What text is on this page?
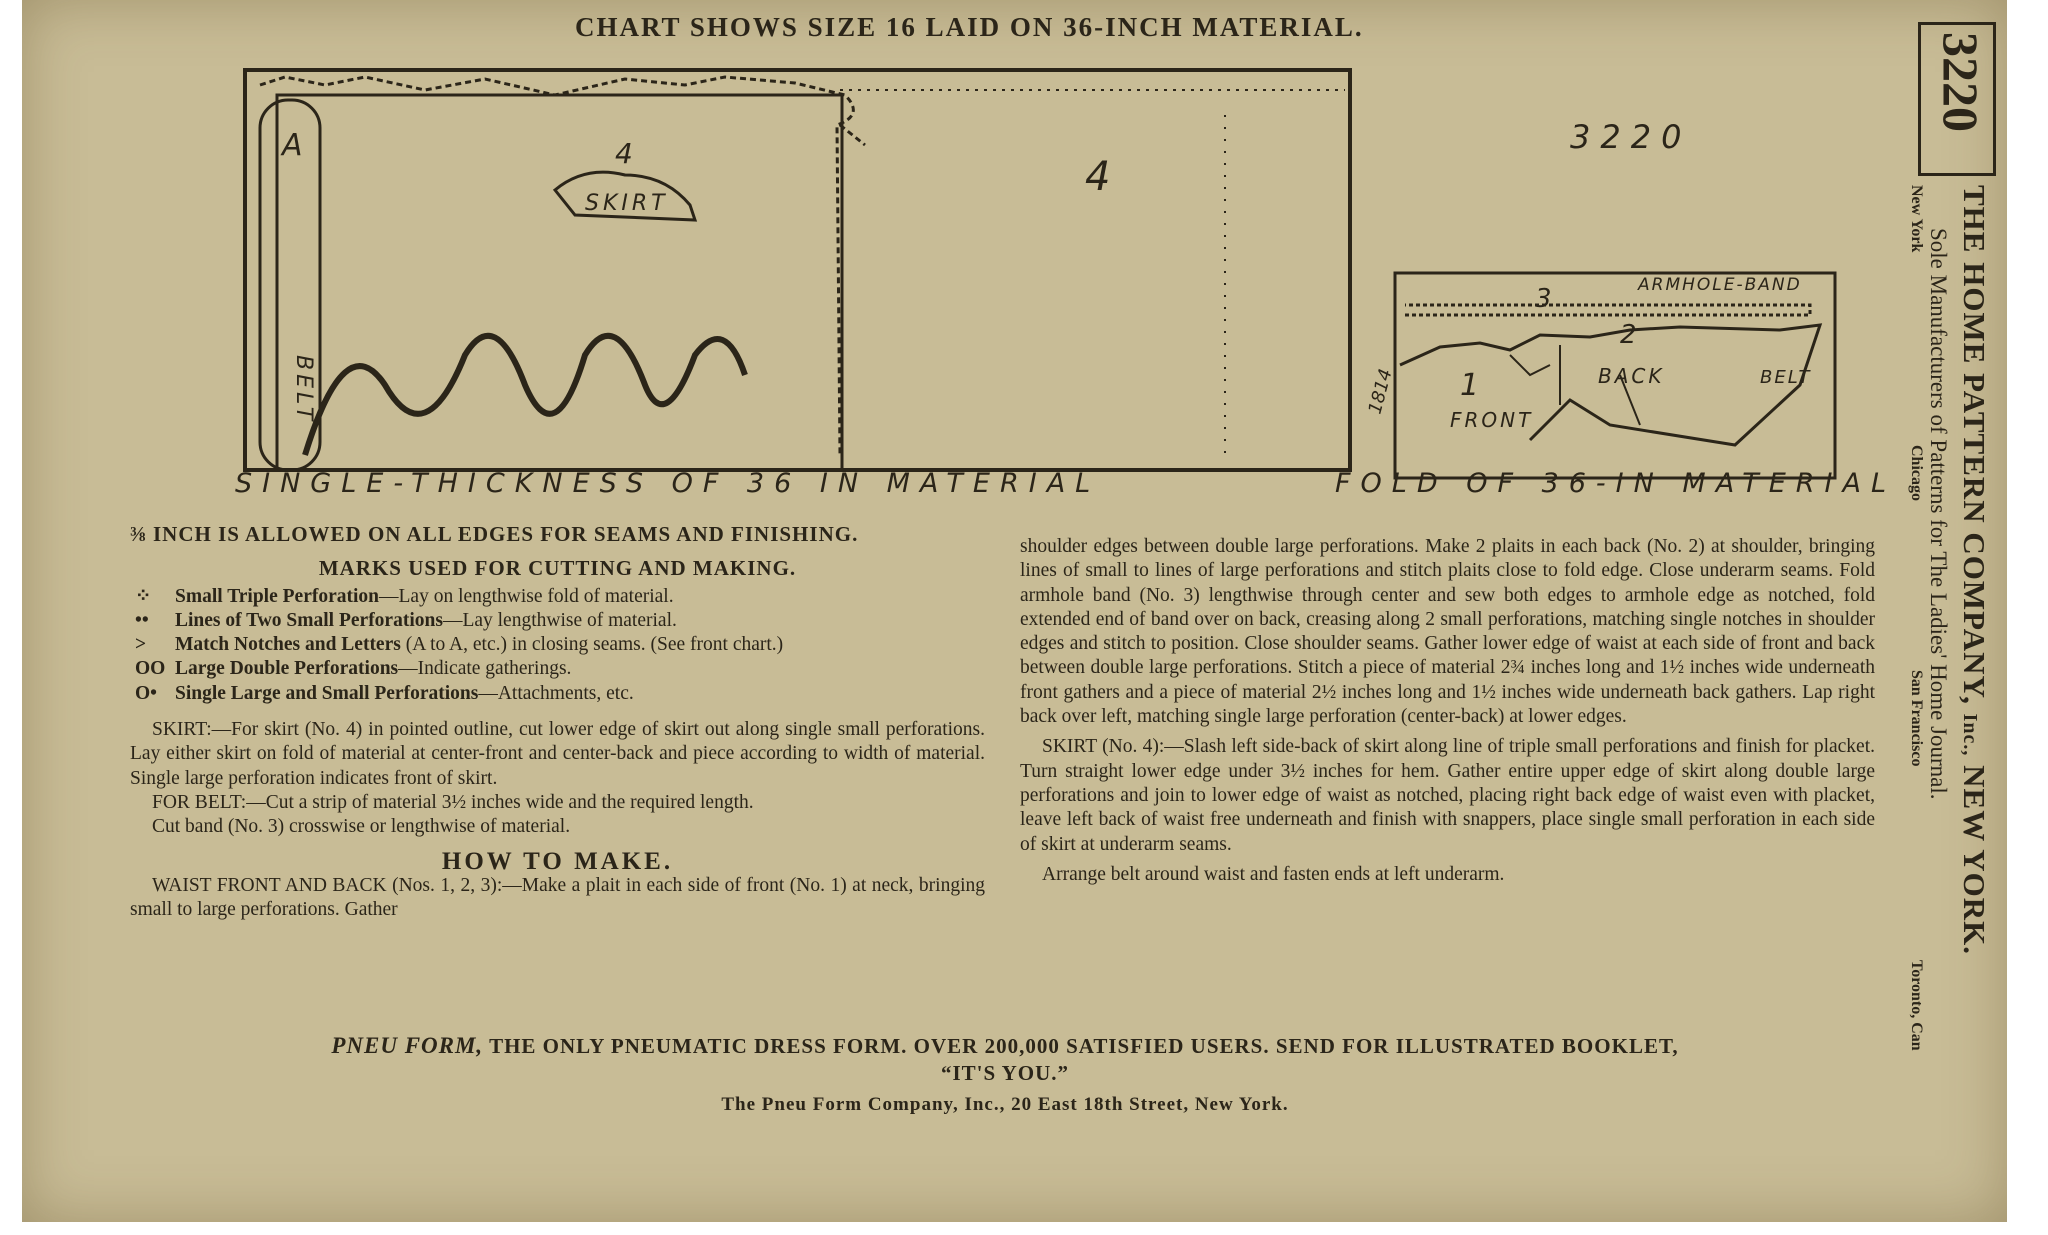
CHART SHOWS SIZE 16 LAID ON 36-INCH MATERIAL.
A	4
SKIRT
4
BELT
SINGLE-THICKNESS OF 36 IN MATERIAL
3220
3	ARMHOLE-BAND
2
BACK	BELT
1
FRONT
1814
FOLD OF 36-IN MATERIAL

⅜ INCH IS ALLOWED ON ALL EDGES FOR SEAMS AND FINISHING.

MARKS USED FOR CUTTING AND MAKING.

⁘ Small Triple Perforation—Lay on lengthwise fold of material.

•• Lines of Two Small Perforations—Lay lengthwise of material.

> Match Notches and Letters (A to A, etc.) in closing seams. (See front chart.)

OO Large Double Perforations—Indicate gatherings.

O• Single Large and Small Perforations—Attachments, etc.

SKIRT:—For skirt (No. 4) in pointed outline, cut lower edge of skirt out along single small perforations. Lay either skirt on fold of material at center-front and center-back and piece according to width of material. Single large perforation indicates front of skirt.

FOR BELT:—Cut a strip of material 3½ inches wide and the required length.

Cut band (No. 3) crosswise or lengthwise of material.

HOW TO MAKE.

WAIST FRONT AND BACK (Nos. 1, 2, 3):—Make a plait in each side of front (No. 1) at neck, bringing small to large perforations. Gather

shoulder edges between double large perforations. Make 2 plaits in each back (No. 2) at shoulder, bringing lines of small to lines of large perforations and stitch plaits close to fold edge. Close underarm seams. Fold armhole band (No. 3) lengthwise through center and sew both edges to armhole edge as notched, fold extended end of band over on back, creasing along 2 small perforations, matching single notches in shoulder edges and stitch to position. Close shoulder seams. Gather lower edge of waist at each side of front and back between double large perforations. Stitch a piece of material 2¾ inches long and 1½ inches wide underneath front gathers and a piece of material 2½ inches long and 1½ inches wide underneath back gathers. Lap right back over left, matching single large perforation (center-back) at lower edges.

SKIRT (No. 4):—Slash left side-back of skirt along line of triple small perforations and finish for placket. Turn straight lower edge under 3½ inches for hem. Gather entire upper edge of skirt along double large perforations and join to lower edge of waist as notched, placing right back edge of waist even with placket, leave left back of waist free underneath and finish with snappers, place single small perforation in each side of skirt at underarm seams.

Arrange belt around waist and fasten ends at left underarm.

PNEU FORM, THE ONLY PNEUMATIC DRESS FORM. OVER 200,000 SATISFIED USERS. SEND FOR ILLUSTRATED BOOKLET, “IT'S YOU.”
The Pneu Form Company, Inc., 20 East 18th Street, New York.
3220
THE HOME PATTERN COMPANY, Inc., NEW YORK.
Sole Manufacturers of Patterns for The Ladies' Home Journal.
New York
Chicago
San Francisco
Toronto, Can
